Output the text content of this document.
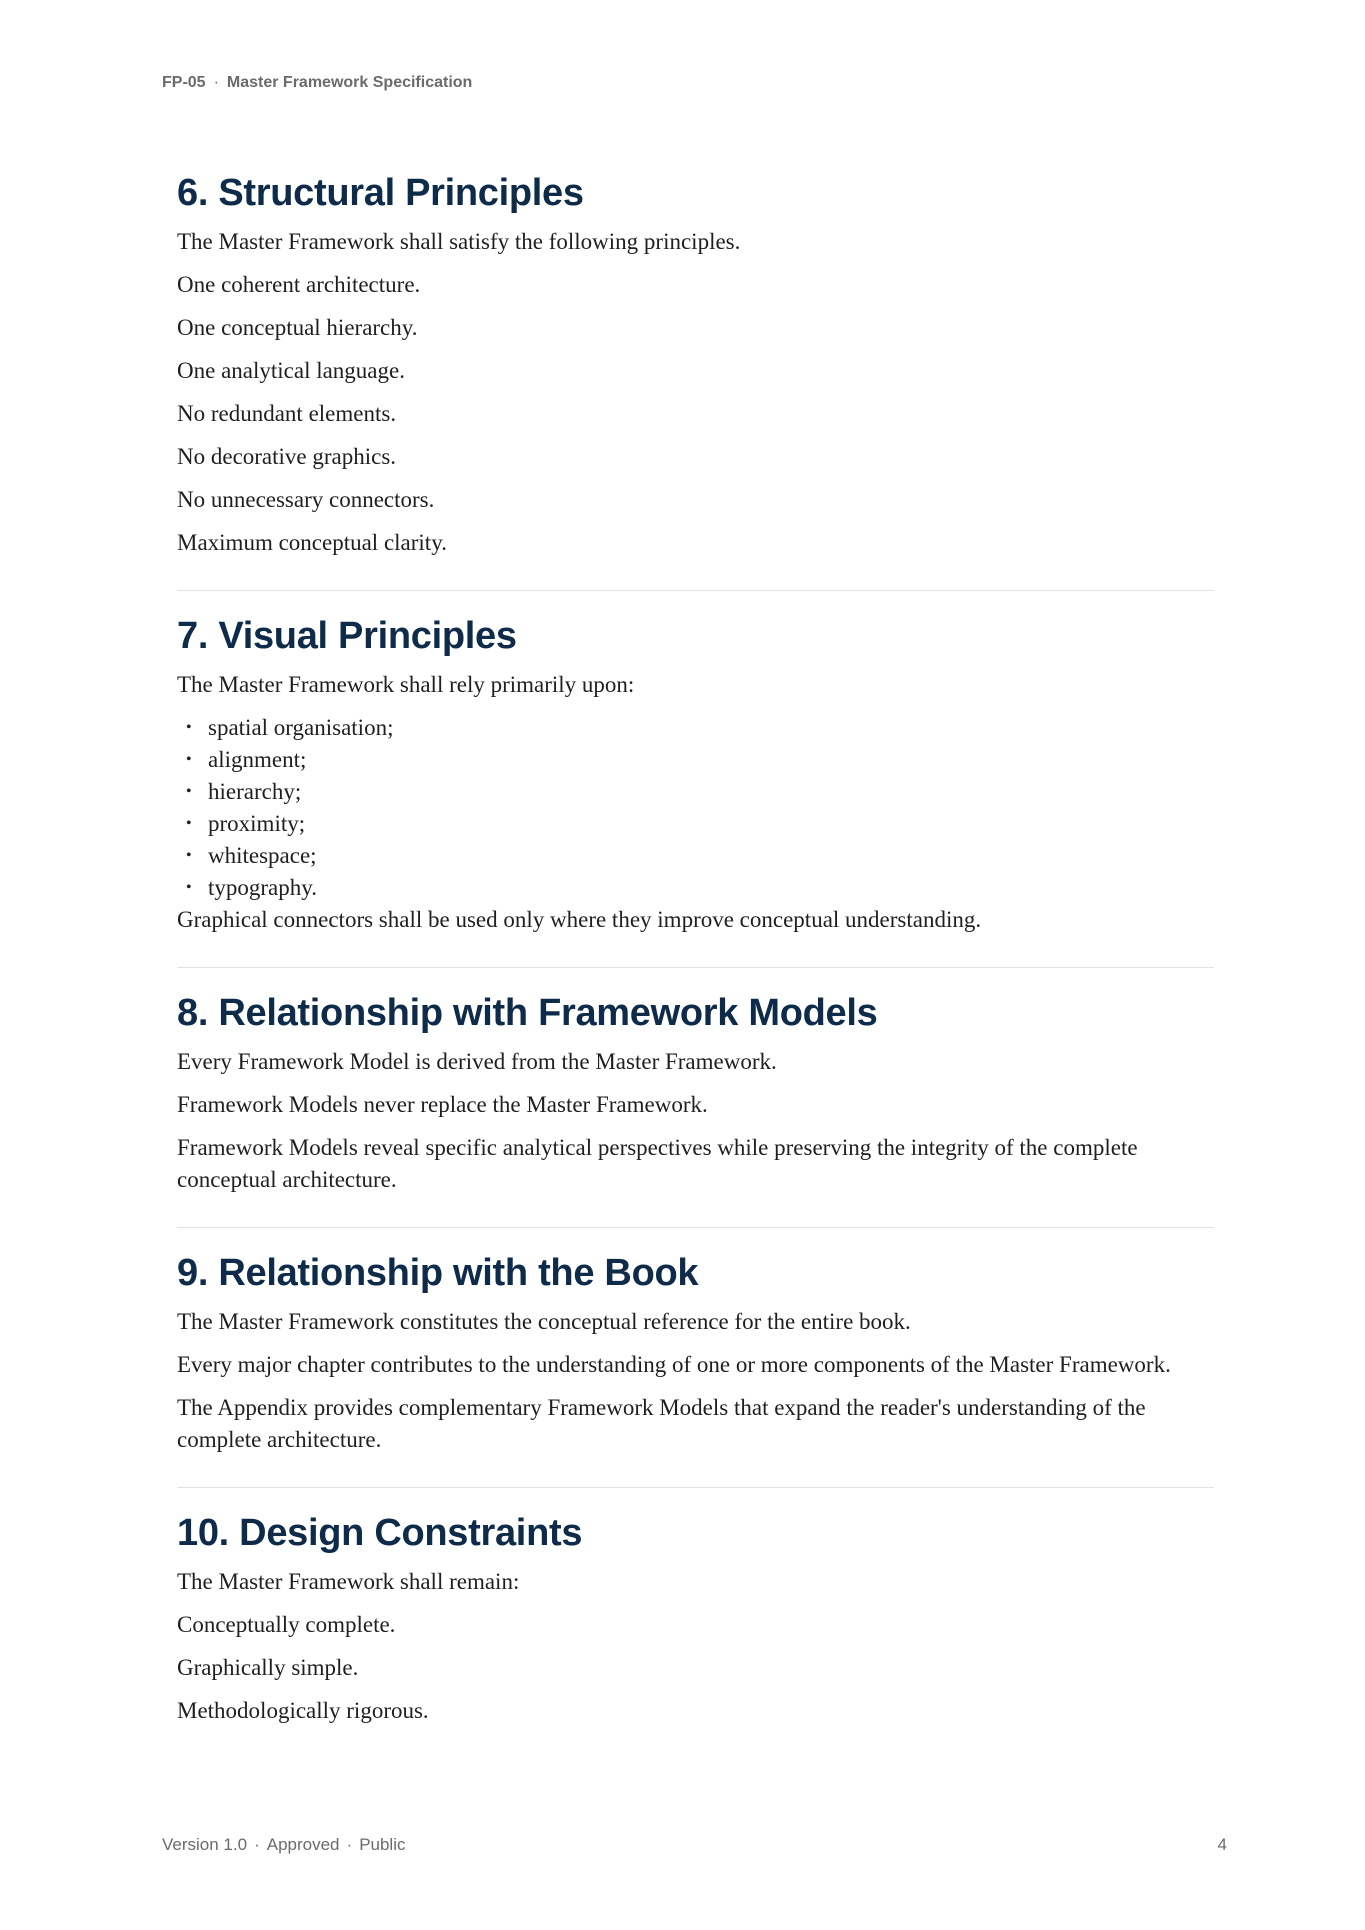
FP-05 · Master Framework Specification
6. Structural Principles

The Master Framework shall satisfy the following principles.

One coherent architecture.

One conceptual hierarchy.

One analytical language.

No redundant elements.

No decorative graphics.

No unnecessary connectors.

Maximum conceptual clarity.

7. Visual Principles

The Master Framework shall rely primarily upon:

• spatial organisation;
• alignment;
• hierarchy;
• proximity;
• whitespace;
• typography.

Graphical connectors shall be used only where they improve conceptual understanding.

8. Relationship with Framework Models

Every Framework Model is derived from the Master Framework.

Framework Models never replace the Master Framework.

Framework Models reveal specific analytical perspectives while preserving the integrity of the complete conceptual architecture.

9. Relationship with the Book

The Master Framework constitutes the conceptual reference for the entire book.

Every major chapter contributes to the understanding of one or more components of the Master Framework.

The Appendix provides complementary Framework Models that expand the reader's understanding of the complete architecture.

10. Design Constraints

The Master Framework shall remain:

Conceptually complete.

Graphically simple.

Methodologically rigorous.

Version 1.0 · Approved · Public	4
